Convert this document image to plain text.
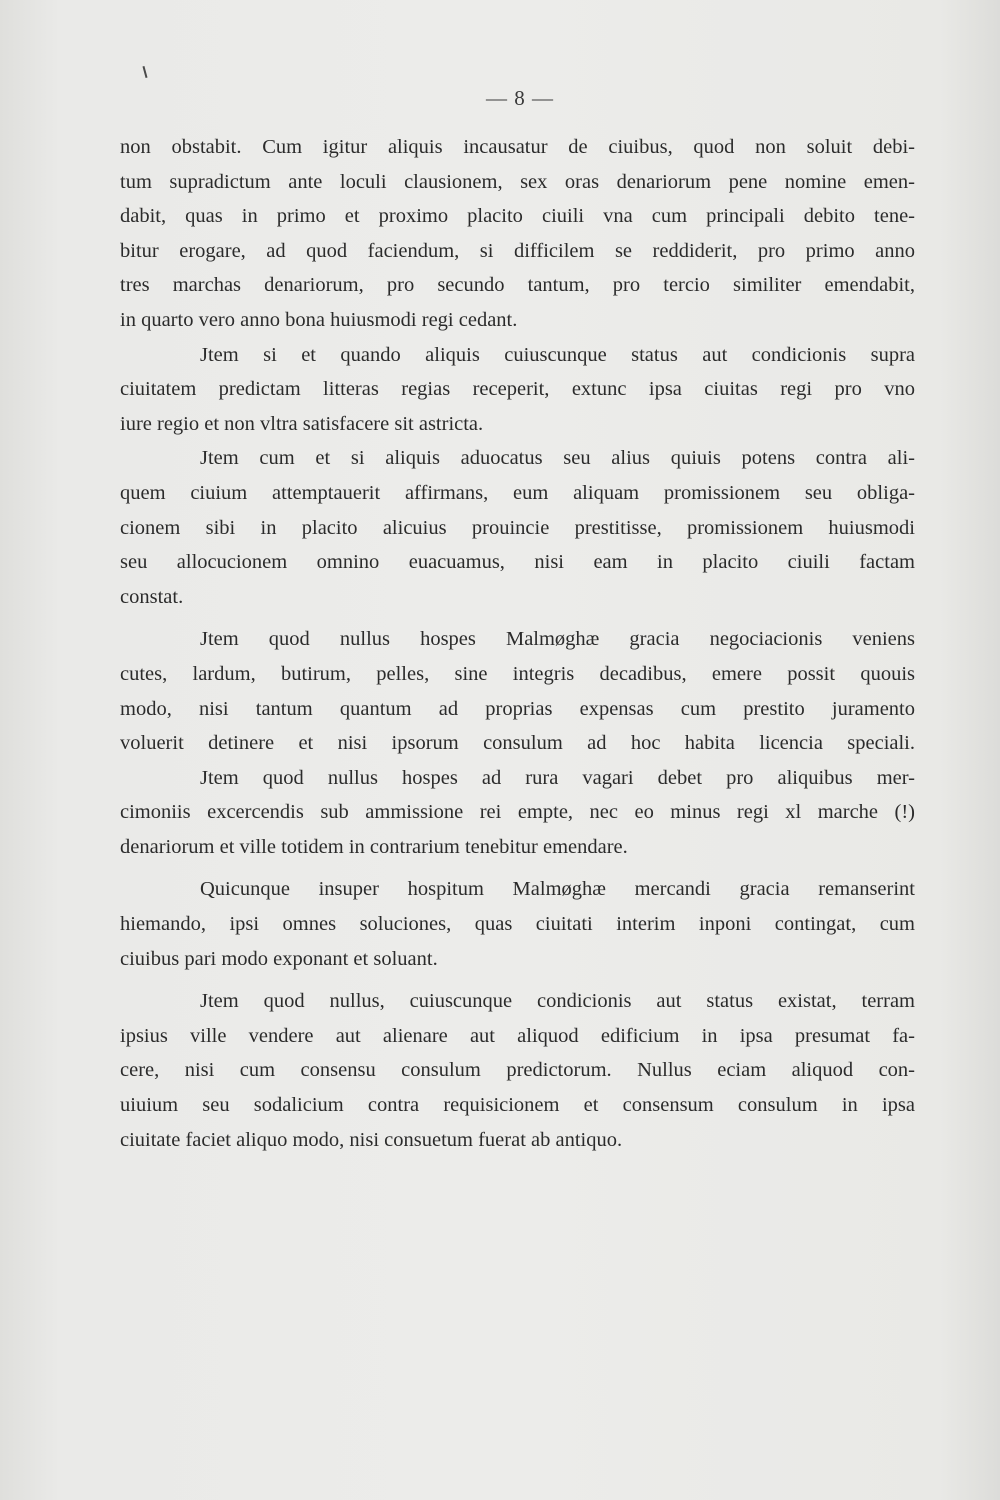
— 8 —
non obstabit. Cum igitur aliquis incausatur de ciuibus, quod non soluit debi-
tum supradictum ante loculi clausionem, sex oras denariorum pene nomine emen-
dabit, quas in primo et proximo placito ciuili vna cum principali debito tene-
bitur erogare, ad quod faciendum, si difficilem se reddiderit, pro primo anno
tres marchas denariorum, pro secundo tantum, pro tercio similiter emendabit,
in quarto vero anno bona huiusmodi regi cedant.
Jtem si et quando aliquis cuiuscunque status aut condicionis supra
ciuitatem predictam litteras regias receperit, extunc ipsa ciuitas regi pro vno
iure regio et non vltra satisfacere sit astricta.
Jtem cum et si aliquis aduocatus seu alius quiuis potens contra ali-
quem ciuium attemptauerit affirmans, eum aliquam promissionem seu obliga-
cionem sibi in placito alicuius prouincie prestitisse, promissionem huiusmodi
seu allocucionem omnino euacuamus, nisi eam in placito ciuili factam
constat.
Jtem quod nullus hospes Malmøghæ gracia negociacionis veniens
cutes, lardum, butirum, pelles, sine integris decadibus, emere possit quouis
modo, nisi tantum quantum ad proprias expensas cum prestito juramento
voluerit detinere et nisi ipsorum consulum ad hoc habita licencia speciali.
Jtem quod nullus hospes ad rura vagari debet pro aliquibus mer-
cimoniis excercendis sub ammissione rei empte, nec eo minus regi xl marche (!)
denariorum et ville totidem in contrarium tenebitur emendare.
Quicunque insuper hospitum Malmøghæ mercandi gracia remanserint
hiemando, ipsi omnes soluciones, quas ciuitati interim inponi contingat, cum
ciuibus pari modo exponant et soluant.
Jtem quod nullus, cuiuscunque condicionis aut status existat, terram
ipsius ville vendere aut alienare aut aliquod edificium in ipsa presumat fa-
cere, nisi cum consensu consulum predictorum. Nullus eciam aliquod con-
uiuium seu sodalicium contra requisicionem et consensum consulum in ipsa
ciuitate faciet aliquo modo, nisi consuetum fuerat ab antiquo.
